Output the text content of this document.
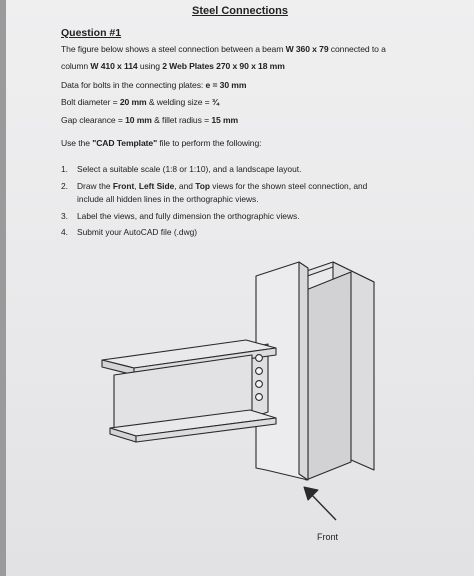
Steel Connections
Question #1
The figure below shows a steel connection between a beam W 360 x 79 connected to a
column W 410 x 114 using 2 Web Plates 270 x 90 x 18 mm
Data for bolts in the connecting plates: e = 30 mm
Bolt diameter = 20 mm & welding size = ¾
Gap clearance = 10 mm & fillet radius = 15 mm
Use the "CAD Template" file to perform the following:
1. Select a suitable scale (1:8 or 1:10), and a landscape layout.
2. Draw the Front, Left Side, and Top views for the shown steel connection, and
include all hidden lines in the orthographic views.
3. Label the views, and fully dimension the orthographic views.
4. Submit your AutoCAD file (.dwg)
Front
